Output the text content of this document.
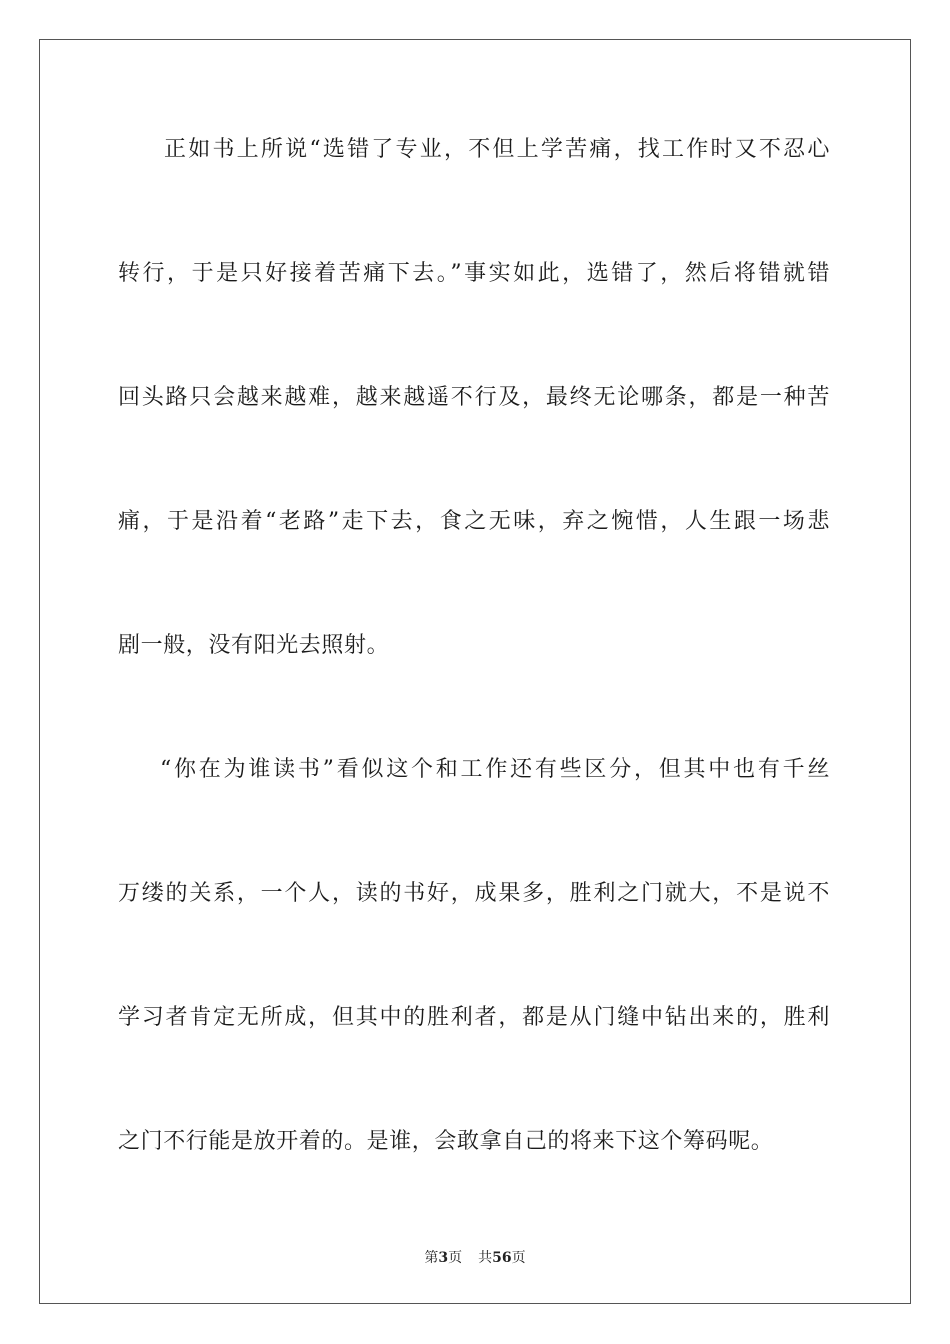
正如书上所说“选错了专业，不但上学苦痛，找工作时又不忍心
转行，于是只好接着苦痛下去。”事实如此，选错了，然后将错就错
回头路只会越来越难，越来越遥不行及，最终无论哪条，都是一种苦
痛，于是沿着“老路”走下去，食之无味，弃之惋惜，人生跟一场悲
剧一般，没有阳光去照射。
“你在为谁读书”看似这个和工作还有些区分，但其中也有千丝
万缕的关系，一个人，读的书好，成果多，胜利之门就大，不是说不
学习者肯定无所成，但其中的胜利者，都是从门缝中钻出来的，胜利
之门不行能是放开着的。是谁，会敢拿自己的将来下这个筹码呢。
第3页 共56页
